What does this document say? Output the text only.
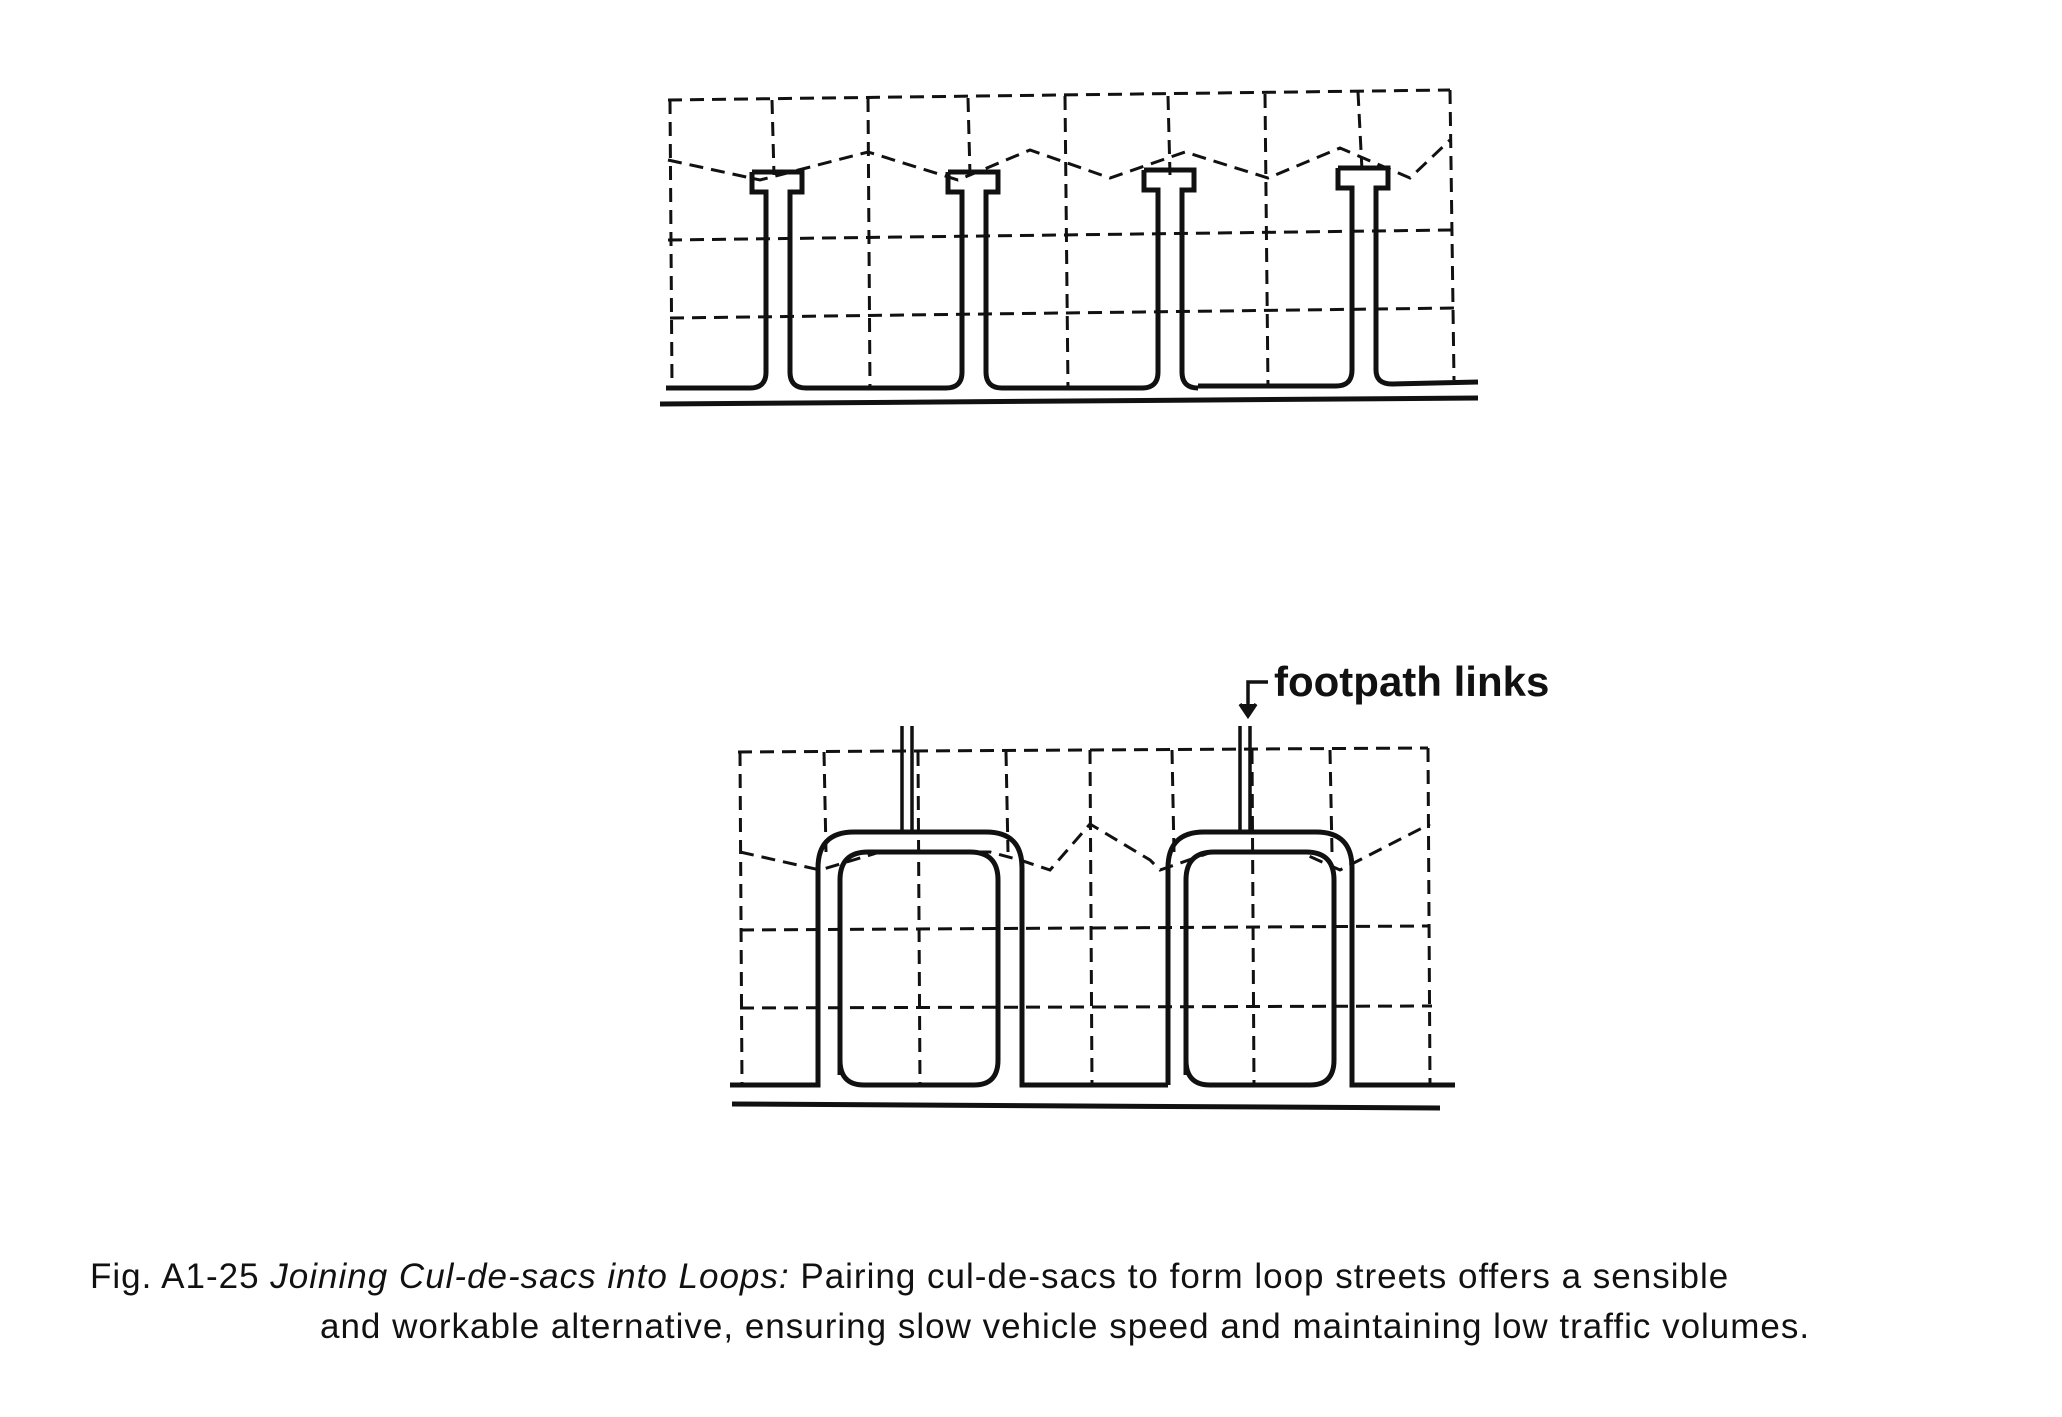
footpath links
Fig. A1-25 Joining Cul-de-sacs into Loops: Pairing cul-de-sacs to form loop streets offers a sensible
and workable alternative, ensuring slow vehicle speed and maintaining low traffic volumes.
